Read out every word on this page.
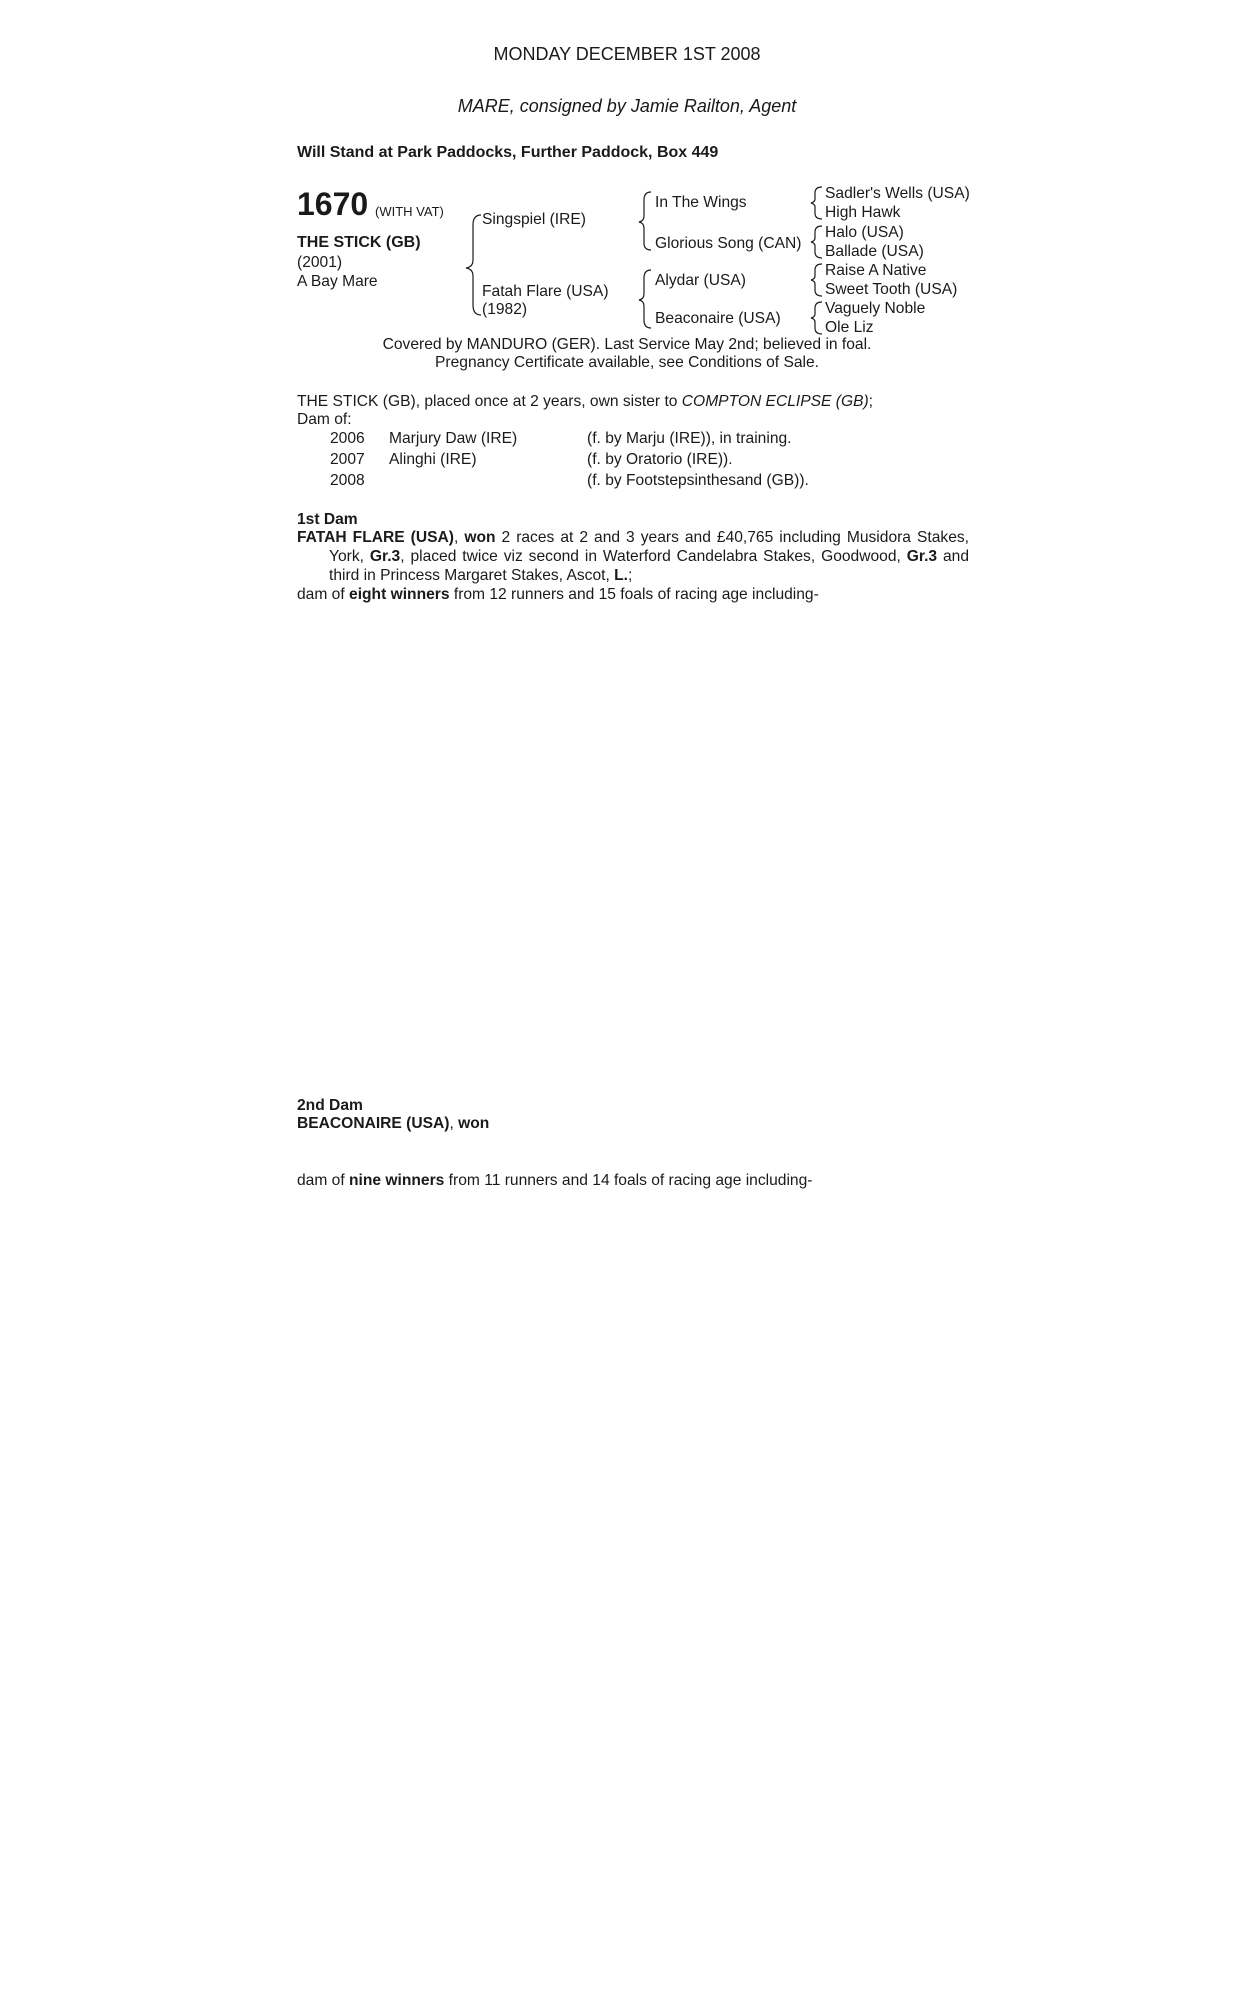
MONDAY DECEMBER 1ST 2008
MARE, consigned by Jamie Railton, Agent
Will Stand at Park Paddocks, Further Paddock, Box 449
1670 (WITH VAT)
THE STICK (GB)
(2001)
A Bay Mare
Singspiel (IRE)
Fatah Flare (USA)
(1982)
In The Wings
Glorious Song (CAN)
Alydar (USA)
Beaconaire (USA)
Sadler's Wells (USA)
High Hawk
Halo (USA)
Ballade (USA)
Raise A Native
Sweet Tooth (USA)
Vaguely Noble
Ole Liz
Covered by MANDURO (GER). Last Service May 2nd; believed in foal.
Pregnancy Certificate available, see Conditions of Sale.
THE STICK (GB), placed once at 2 years, own sister to COMPTON ECLIPSE (GB);
Dam of:
2006 Marjury Daw (IRE)	(f. by Marju (IRE)), in training.
2007 Alinghi (IRE)	(f. by Oratorio (IRE)).
2008	(f. by Footstepsinthesand (GB)).
1st Dam
FATAH FLARE (USA), won 2 races at 2 and 3 years and £40,765 including Musidora Stakes, York, Gr.3, placed twice viz second in Waterford Candelabra Stakes, Goodwood, Gr.3 and third in Princess Margaret Stakes, Ascot, L.;
dam of eight winners from 12 runners and 15 foals of racing age including-
2nd Dam
BEACONAIRE (USA), won
dam of nine winners from 11 runners and 14 foals of racing age including-
